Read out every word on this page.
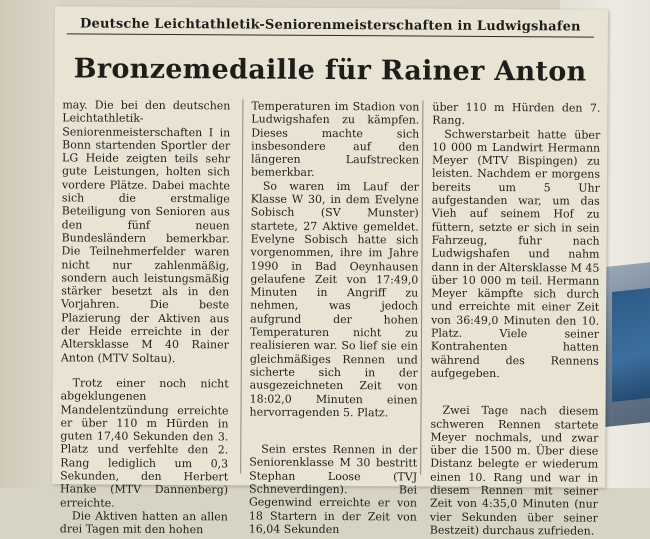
Deutsche Leichtathletik-Seniorenmeisterschaften in Ludwigshafen
Bronzemedaille für Rainer Anton

may. Die bei den deutschen Leichtathletik-Seniorenmeisterschaften I in Bonn startenden Sportler der LG Heide zeigten teils sehr gute Leistungen, holten sich vordere Plätze. Dabei machte sich die erstmalige Beteiligung von Senioren aus den fünf neuen Bundesländern bemerkbar. Die Teilnehmerfelder waren nicht nur zahlenmäßig, sondern auch leistungsmäßig stärker besetzt als in den Vorjahren. Die beste Plazierung der Aktiven aus der Heide erreichte in der Altersklasse M 40 Rainer Anton (MTV Soltau).

Trotz einer noch nicht abgeklungenen Mandelentzündung erreichte er über 110 m Hürden in guten 17,40 Sekunden den 3. Platz und verfehlte den 2. Rang lediglich um 0,3 Sekunden, den Herbert Hanke (MTV Dannenberg) erreichte.

Die Aktiven hatten an allen drei Tagen mit den hohen

Temperaturen im Stadion von Ludwigshafen zu kämpfen. Dieses machte sich insbesondere auf den längeren Laufstrecken bemerkbar.

So waren im Lauf der Klasse W 30, in dem Evelyne Sobisch (SV Munster) startete, 27 Aktive gemeldet. Evelyne Sobisch hatte sich vorgenommen, ihre im Jahre 1990 in Bad Oeynhausen gelaufene Zeit von 17:49,0 Minuten in Angriff zu nehmen, was jedoch aufgrund der hohen Temperaturen nicht zu realisieren war. So lief sie ein gleichmäßiges Rennen und sicherte sich in der ausgezeichneten Zeit von 18:02,0 Minuten einen hervorragenden 5. Platz.

Sein erstes Rennen in der Seniorenklasse M 30 bestritt Stephan Loose (TVJ Schneverdingen). Bei Gegenwind erreichte er von 18 Startern in der Zeit von 16,04 Sekunden

über 110 m Hürden den 7. Rang.

Schwerstarbeit hatte über 10 000 m Landwirt Hermann Meyer (MTV Bispingen) zu leisten. Nachdem er morgens bereits um 5 Uhr aufgestanden war, um das Vieh auf seinem Hof zu füttern, setzte er sich in sein Fahrzeug, fuhr nach Ludwigshafen und nahm dann in der Altersklasse M 45 über 10 000 m teil. Hermann Meyer kämpfte sich durch und erreichte mit einer Zeit von 36:49,0 Minuten den 10. Platz. Viele seiner Kontrahenten hatten während des Rennens aufgegeben.

Zwei Tage nach diesem schweren Rennen startete Meyer nochmals, und zwar über die 1500 m. Über diese Distanz belegte er wiederum einen 10. Rang und war in diesem Rennen mit seiner Zeit von 4:35,0 Minuten (nur vier Sekunden über seiner Bestzeit) durchaus zufrieden.
